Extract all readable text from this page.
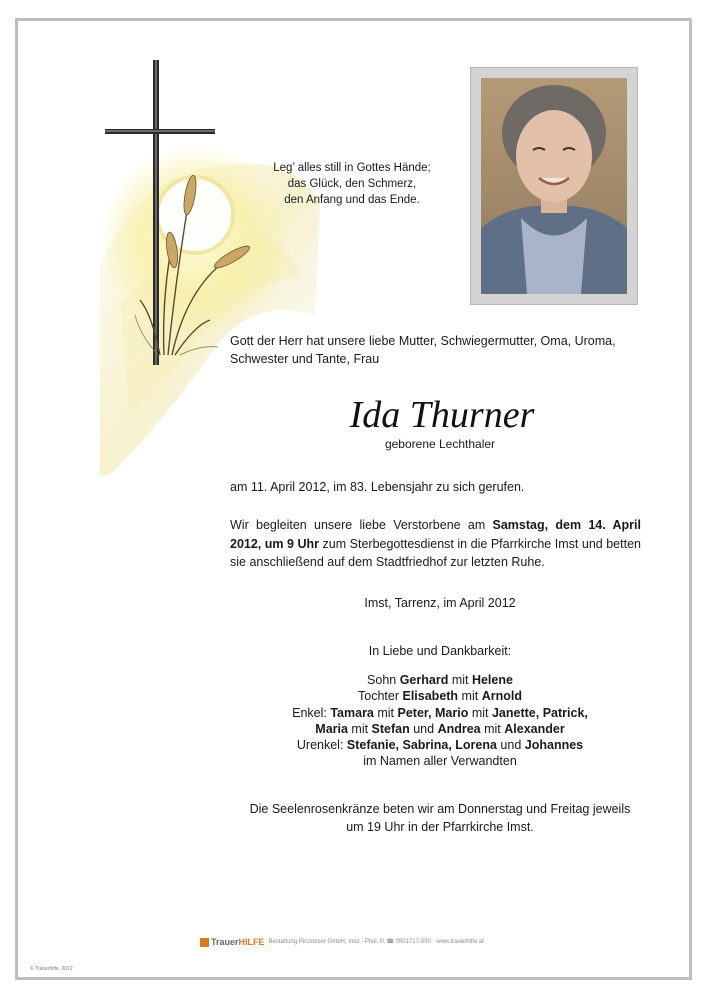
Leg’ alles still in Gottes Hände;
das Glück, den Schmerz,
den Anfang und das Ende.
Gott der Herr hat unsere liebe Mutter, Schwiegermutter, Oma, Uroma,
Schwester und Tante, Frau
Ida Thurner
geborene Lechthaler
am 11. April 2012, im 83. Lebensjahr zu sich gerufen.
Wir begleiten unsere liebe Verstorbene am Samstag, dem 14. April 2012, um 9 Uhr zum Sterbegottesdienst in die Pfarrkirche Imst und betten sie anschließend auf dem Stadtfriedhof zur letzten Ruhe.
Imst, Tarrenz, im April 2012
In Liebe und Dankbarkeit:
Sohn Gerhard mit Helene
Tochter Elisabeth mit Arnold
Enkel: Tamara mit Peter, Mario mit Janette, Patrick,
Maria mit Stefan und Andrea mit Alexander
Urenkel: Stefanie, Sabrina, Lorena und Johannes
im Namen aller Verwandten
Die Seelenrosenkränze beten wir am Donnerstag und Freitag jeweils
um 19 Uhr in der Pfarrkirche Imst.
TrauerHILFE Bestattung Pircmoser GmbH, Imst - Pfeil, P. ☎ 0501717-550 · www.trauerhilfe.at
© Trauerhilfe, 2012
